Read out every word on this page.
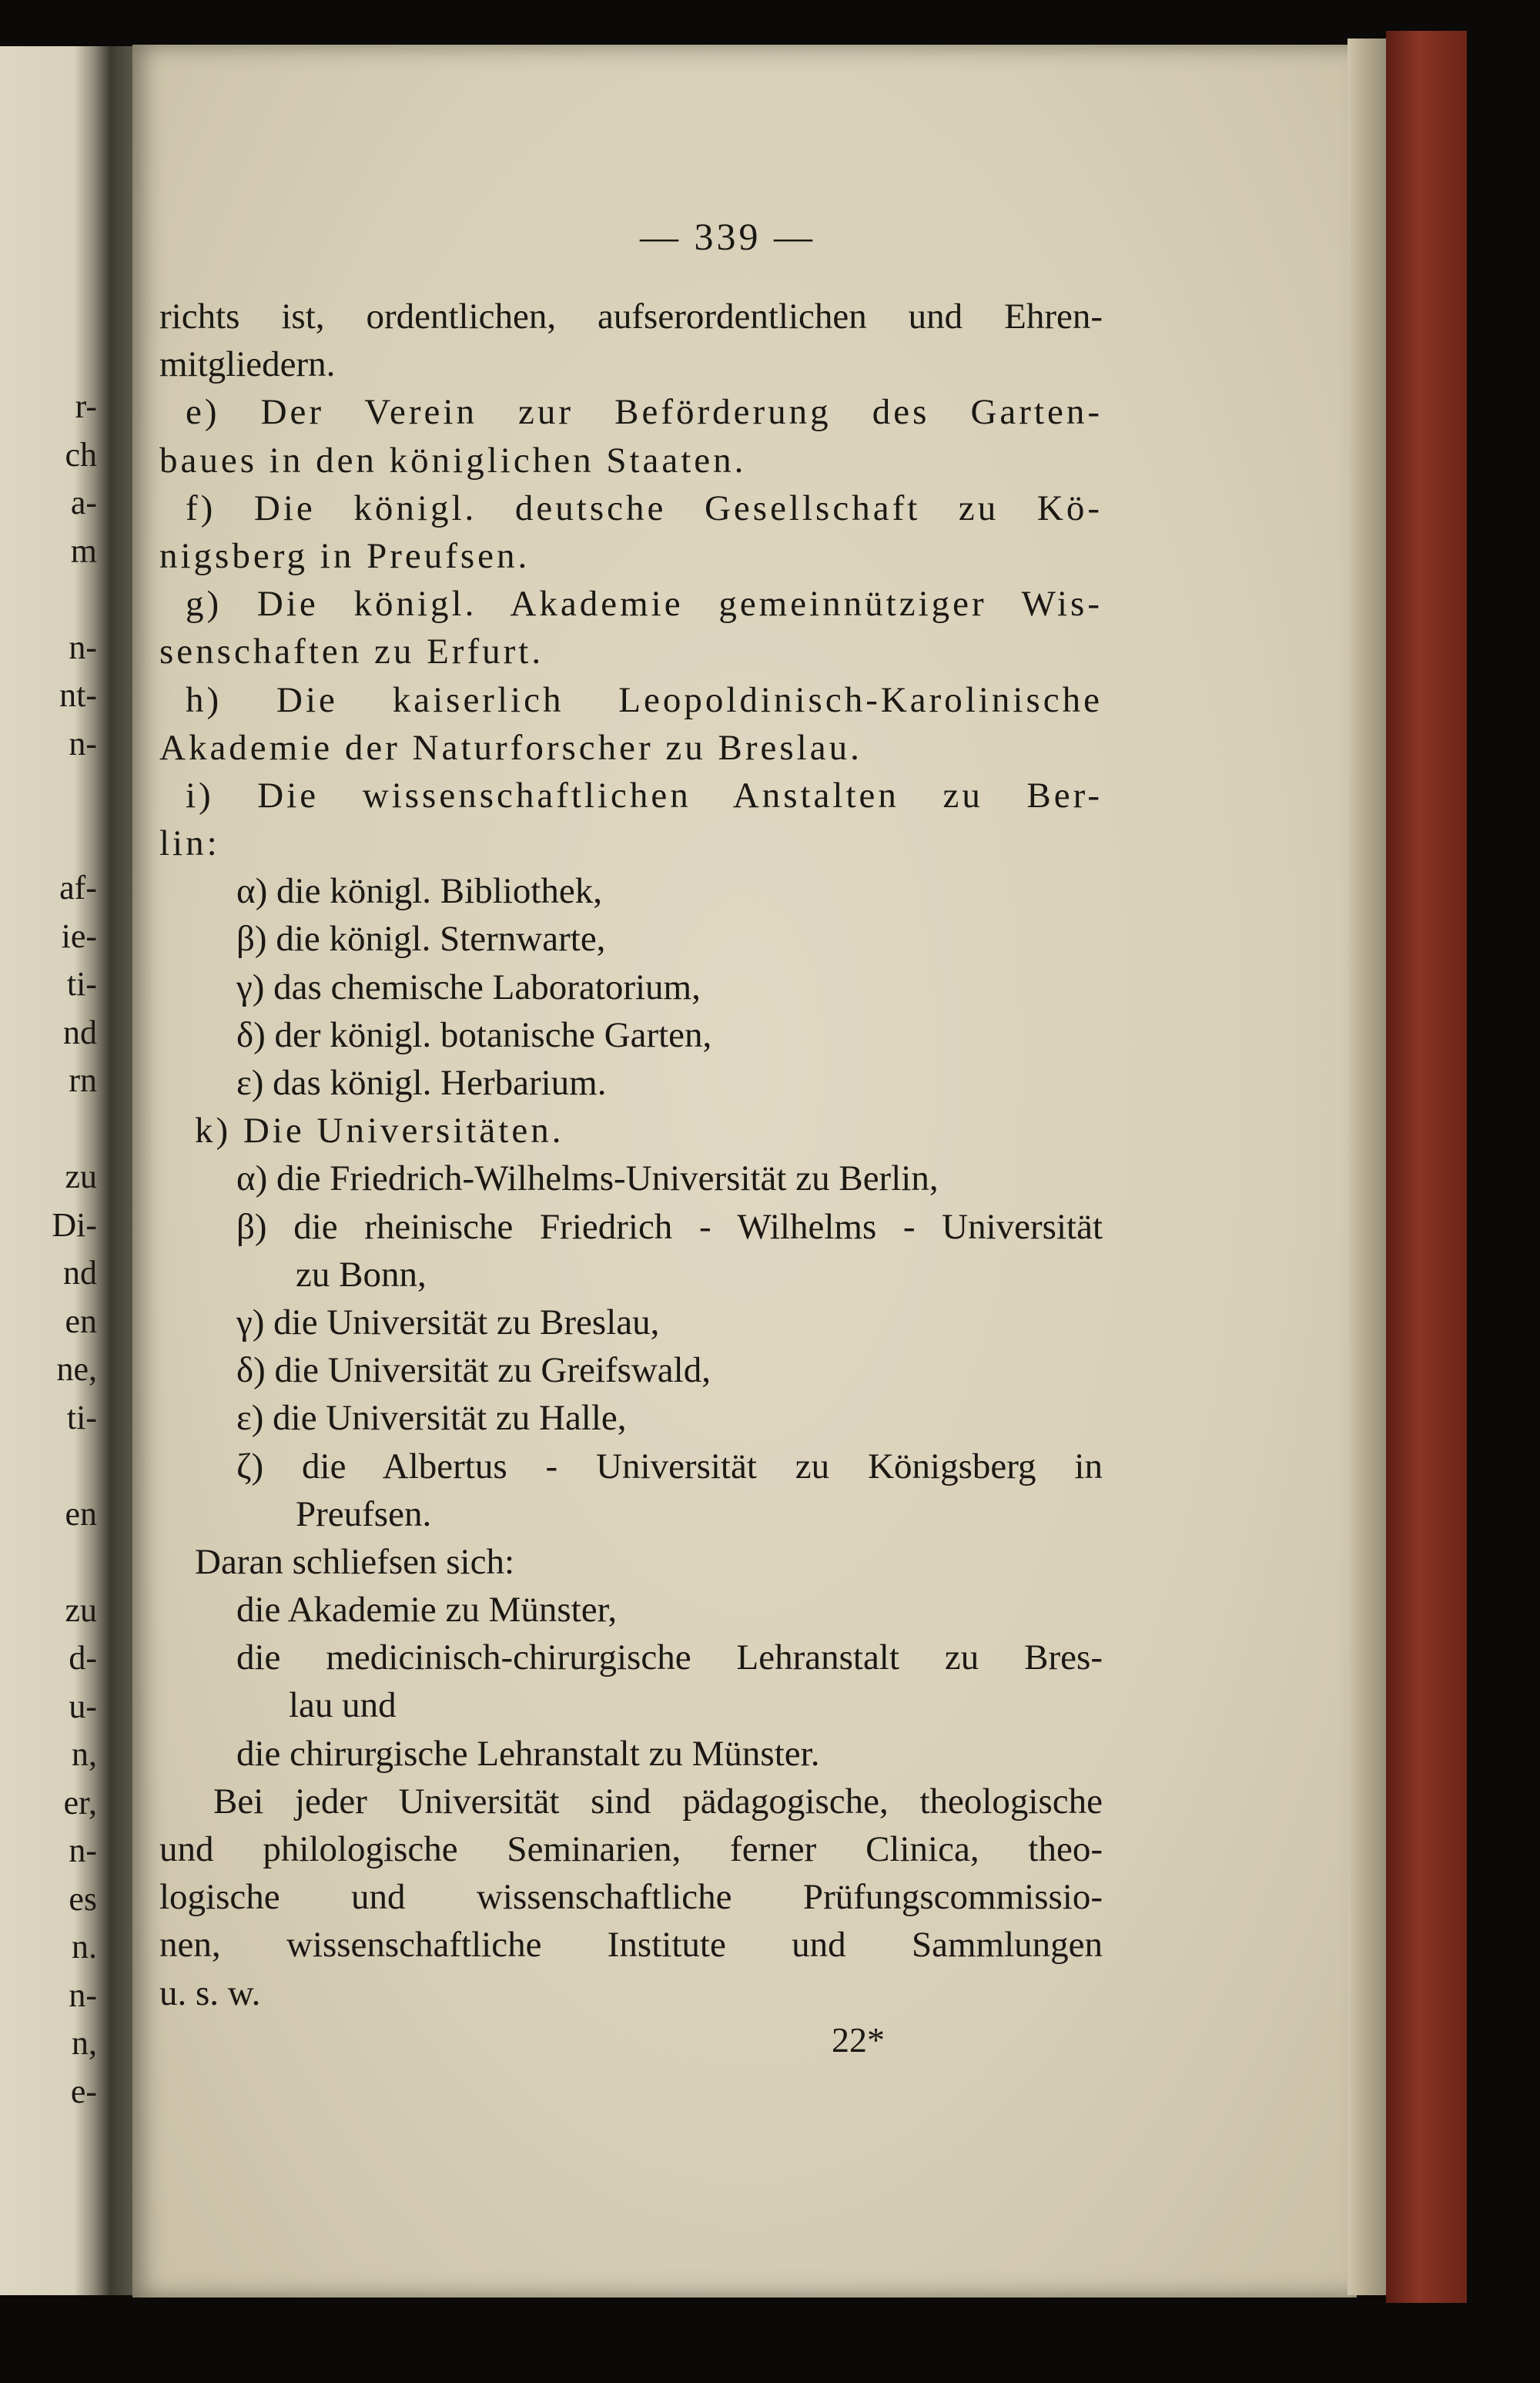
r-
ch
a-
m
n-
nt-
n-
af-
ie-
ti-
nd
rn
zu
Di-
nd
en
ne,
ti-
en
zu
d-
u-
n,
er,
n-
es
n.
n-
n,
e-
— 339 —
richts ist, ordentlichen, aufserordentlichen und Ehren-
mitgliedern.
e) Der Verein zur Beförderung des Garten-
baues in den königlichen Staaten.
f) Die königl. deutsche Gesellschaft zu Kö-
nigsberg in Preufsen.
g) Die königl. Akademie gemeinnütziger Wis-
senschaften zu Erfurt.
h) Die kaiserlich Leopoldinisch-Karolinische
Akademie der Naturforscher zu Breslau.
i) Die wissenschaftlichen Anstalten zu Ber-
lin:
α) die königl. Bibliothek,
β) die königl. Sternwarte,
γ) das chemische Laboratorium,
δ) der königl. botanische Garten,
ε) das königl. Herbarium.
k) Die Universitäten.
α) die Friedrich-Wilhelms-Universität zu Berlin,
β) die rheinische Friedrich - Wilhelms - Universität
zu Bonn,
γ) die Universität zu Breslau,
δ) die Universität zu Greifswald,
ε) die Universität zu Halle,
ζ) die Albertus - Universität zu Königsberg in
Preufsen.
Daran schliefsen sich:
die Akademie zu Münster,
die medicinisch-chirurgische Lehranstalt zu Bres-
lau und
die chirurgische Lehranstalt zu Münster.
Bei jeder Universität sind pädagogische, theologische
und philologische Seminarien, ferner Clinica, theo-
logische und wissenschaftliche Prüfungscommissio-
nen, wissenschaftliche Institute und Sammlungen
u. s. w.
22*
